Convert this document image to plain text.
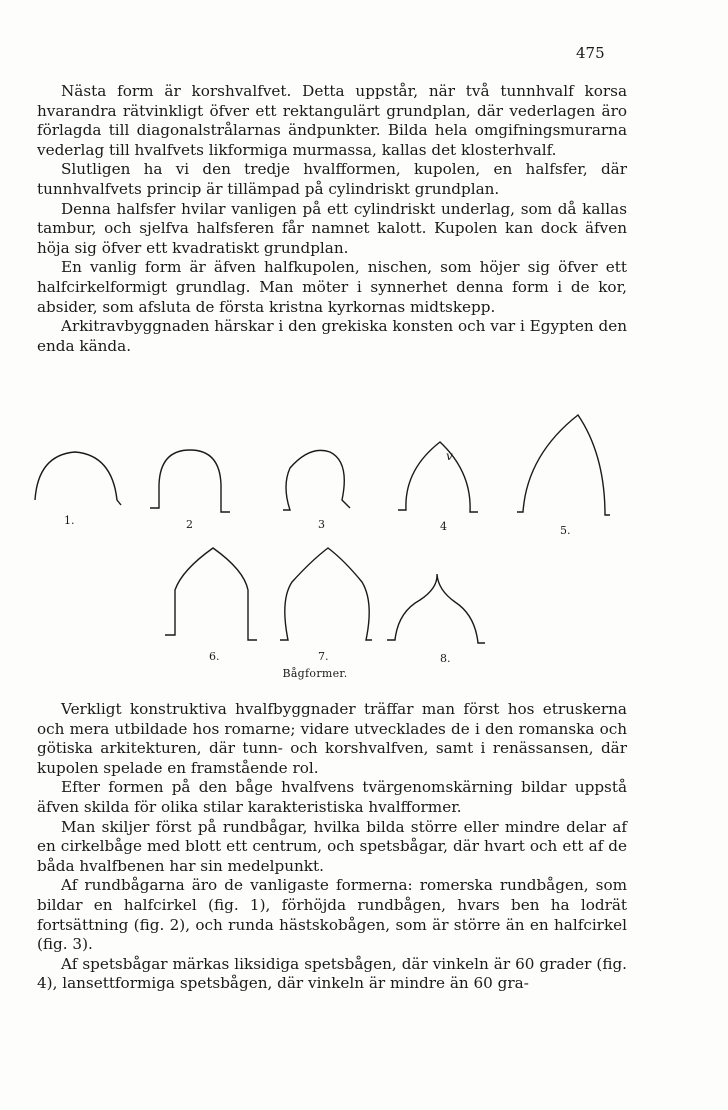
475

Nästa form är korshvalfvet. Detta uppstår, när två tunnhvalf korsa hvarandra rätvinkligt öfver ett rektangulärt grundplan, där vederlagen äro förlagda till diagonalstrålarnas ändpunkter. Bilda hela omgifningsmurarna vederlag till hvalfvets likformiga murmassa, kallas det klosterhvalf.

Slutligen ha vi den tredje hvalfformen, kupolen, en halfsfer, där tunnhvalfvets princip är tillämpad på cylindriskt grundplan.

Denna halfsfer hvilar vanligen på ett cylindriskt underlag, som då kallas tambur, och sjelfva halfsferen får namnet kalott. Kupolen kan dock äfven höja sig öfver ett kvadratiskt grundplan.

En vanlig form är äfven halfkupolen, nischen, som höjer sig öfver ett halfcirkelformigt grundlag. Man möter i synnerhet denna form i de kor, absider, som afsluta de första kristna kyrkornas midtskepp.

Arkitravbyggnaden härskar i den grekiska konsten och var i Egypten den enda kända.

1.	2	3	4	5.
6.	7.	8.
v
Bågformer.

Verkligt konstruktiva hvalfbyggnader träffar man först hos etruskerna och mera utbildade hos romarne; vidare utvecklades de i den romanska och götiska arkitekturen, där tunn- och korshvalfven, samt i renässansen, där kupolen spelade en framstående rol.

Efter formen på den båge hvalfvens tvärgenomskärning bildar uppstå äfven skilda för olika stilar karakteristiska hvalfformer.

Man skiljer först på rundbågar, hvilka bilda större eller mindre delar af en cirkelbåge med blott ett centrum, och spetsbågar, där hvart och ett af de båda hvalfbenen har sin medelpunkt.

Af rundbågarna äro de vanligaste formerna: romerska rundbågen, som bildar en halfcirkel (fig. 1), förhöjda rundbågen, hvars ben ha lodrät fortsättning (fig. 2), och runda hästskobågen, som är större än en halfcirkel (fig. 3).

Af spetsbågar märkas liksidiga spetsbågen, där vinkeln är 60 grader (fig. 4), lansettformiga spetsbågen, där vinkeln är mindre än 60 gra-
